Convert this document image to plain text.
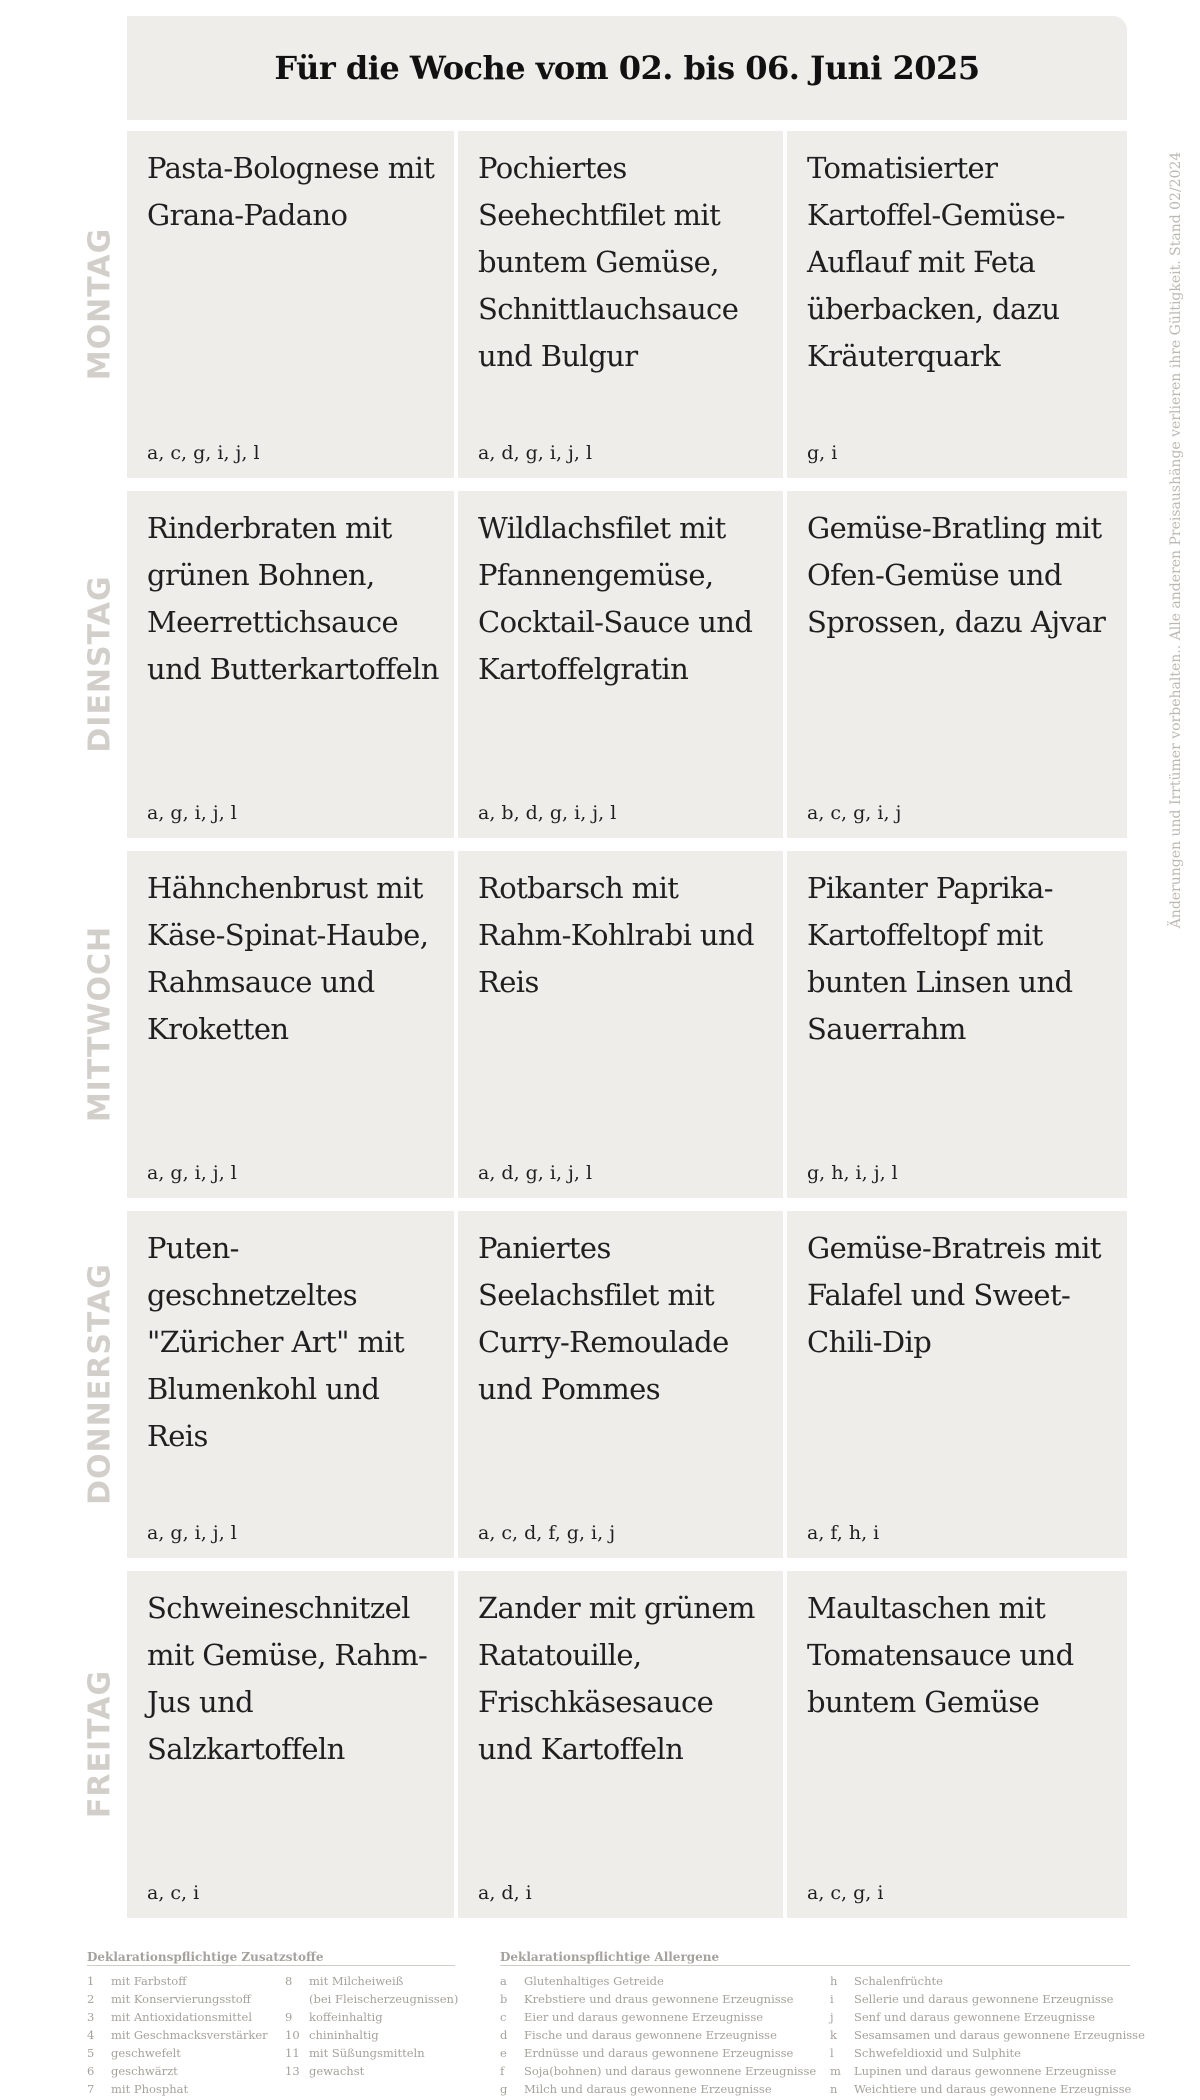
Für die Woche vom 02. bis 06. Juni 2025
Änderungen und Irrtümer vorbehalten.. Alle anderen Preisaushänge verlieren ihre Gültigkeit. Stand 02/2024
MONTAG
Pasta-Bolognese mit Grana-Padano
a, c, g, i, j, l
Pochiertes Seehechtfilet mit buntem Gemüse, Schnittlauchsauce und Bulgur
a, d, g, i, j, l
Tomatisierter Kartoffel-Gemüse-Auflauf mit Feta überbacken, dazu Kräuterquark
g, i
DIENSTAG
Rinderbraten mit grünen Bohnen, Meerrettichsauce und Butterkartoffeln
a, g, i, j, l
Wildlachsfilet mit Pfannengemüse, Cocktail-Sauce und Kartoffelgratin
a, b, d, g, i, j, l
Gemüse-Bratling mit Ofen-Gemüse und Sprossen, dazu Ajvar
a, c, g, i, j
MITTWOCH
Hähnchenbrust mit Käse-Spinat-Haube, Rahmsauce und Kroketten
a, g, i, j, l
Rotbarsch mit Rahm-Kohlrabi und Reis
a, d, g, i, j, l
Pikanter Paprika-Kartoffeltopf mit bunten Linsen und Sauerrahm
g, h, i, j, l
DONNERSTAG
Puten-geschnetzeltes "Züricher Art" mit Blumenkohl und Reis
a, g, i, j, l
Paniertes Seelachsfilet mit Curry-Remoulade und Pommes
a, c, d, f, g, i, j
Gemüse-Bratreis mit Falafel und Sweet-Chili-Dip
a, f, h, i
FREITAG
Schweineschnitzel mit Gemüse, Rahm-Jus und Salzkartoffeln
a, c, i
Zander mit grünem Ratatouille, Frischkäsesauce und Kartoffeln
a, d, i
Maultaschen mit Tomatensauce und buntem Gemüse
a, c, g, i
Deklarationspflichtige Zusatzstoffe
1 mit Farbstoff
2 mit Konservierungsstoff
3 mit Antioxidationsmittel
4 mit Geschmacksverstärker
5 geschwefelt
6 geschwärzt
7 mit Phosphat
8 mit Milcheiweiß
(bei Fleischerzeugnissen)
9 koffeinhaltig
10 chininhaltig
11 mit Süßungsmitteln
13 gewachst
Deklarationspflichtige Allergene
a Glutenhaltiges Getreide
b Krebstiere und draus gewonnene Erzeugnisse
c Eier und daraus gewonnene Erzeugnisse
d Fische und daraus gewonnene Erzeugnisse
e Erdnüsse und daraus gewonnene Erzeugnisse
f Soja(bohnen) und daraus gewonnene Erzeugnisse
g Milch und daraus gewonnene Erzeugnisse
h Schalenfrüchte
i Sellerie und daraus gewonnene Erzeugnisse
j Senf und daraus gewonnene Erzeugnisse
k Sesamsamen und daraus gewonnene Erzeugnisse
l Schwefeldioxid und Sulphite
m Lupinen und daraus gewonnene Erzeugnisse
n Weichtiere und daraus gewonnene Erzeugnisse
